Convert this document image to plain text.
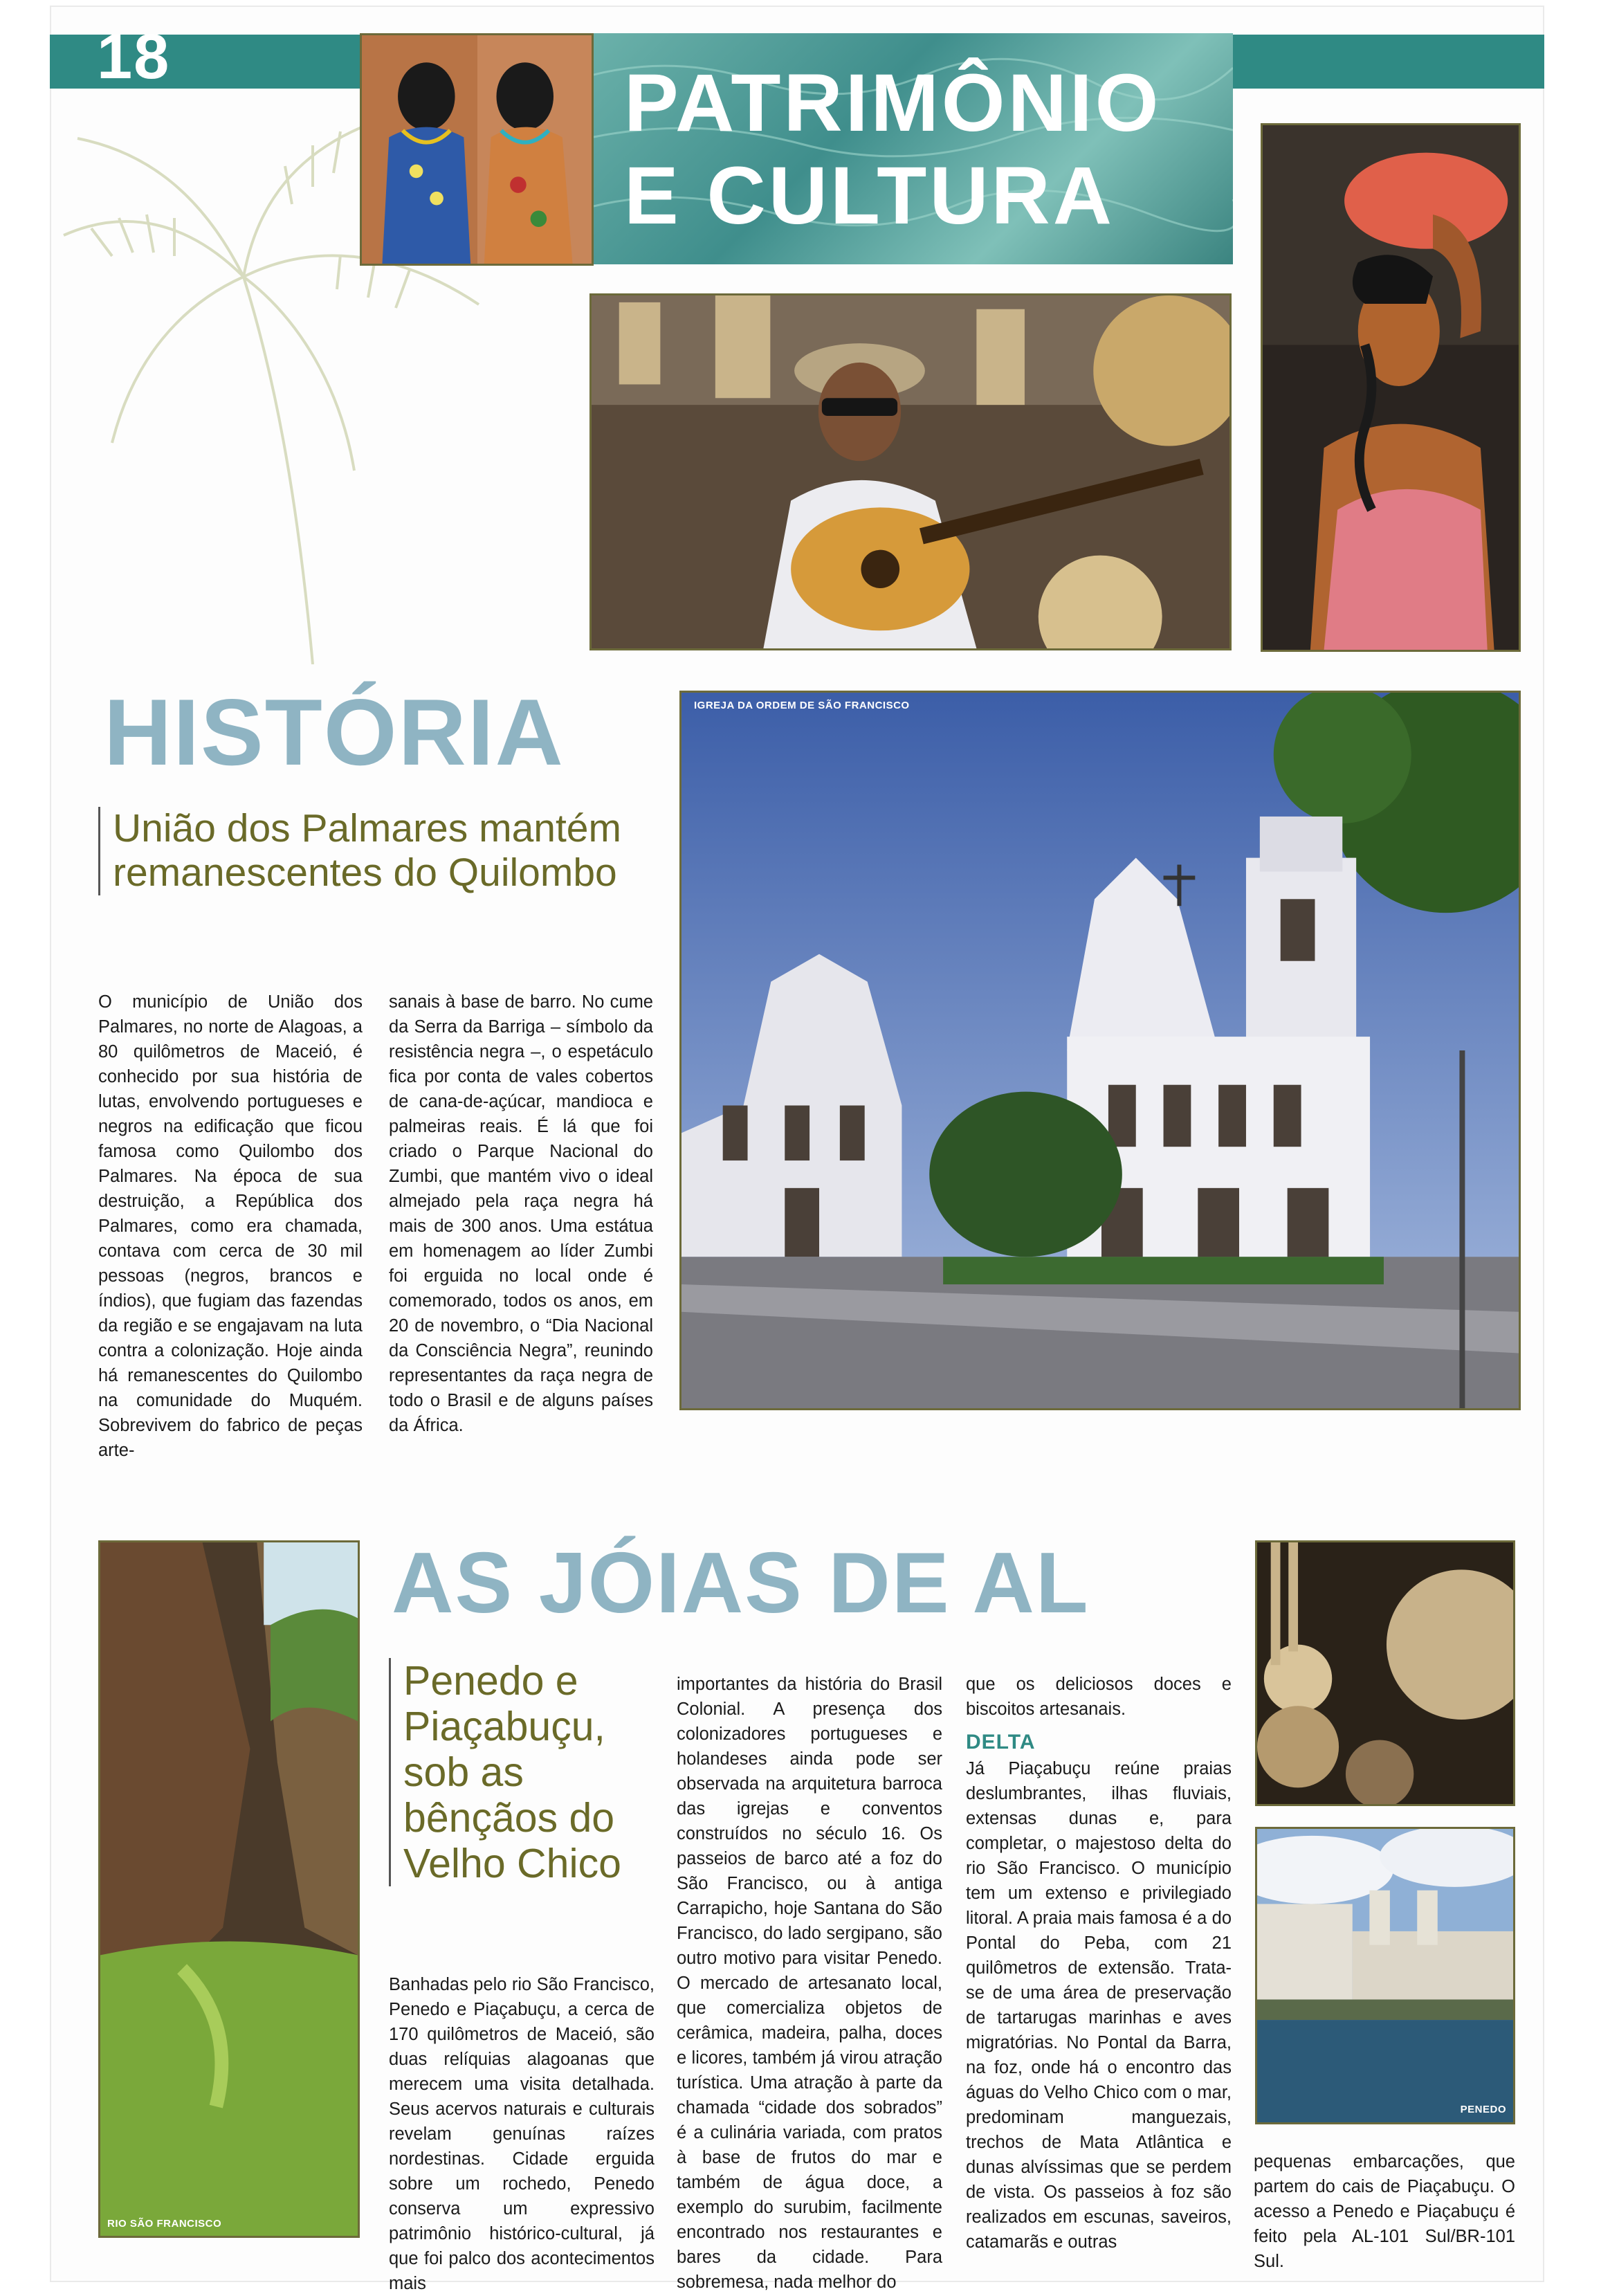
18
PATRIMÔNIO
E CULTURA
HISTÓRIA
União dos Palmares mantém remanescentes do Quilombo

O município de União dos Palmares, no norte de Alagoas, a 80 quilômetros de Maceió, é conhecido por sua história de lutas, envolvendo portugueses e negros na edificação que ficou famosa como Quilombo dos Palmares. Na época de sua destruição, a República dos Palmares, como era chamada, contava com cerca de 30 mil pessoas (negros, brancos e índios), que fugiam das fazendas da região e se engajavam na luta contra a colonização. Hoje ainda há remanescentes do Quilombo na comunidade do Muquém. Sobrevivem do fabrico de peças arte-

sanais à base de barro. No cume da Serra da Barriga – símbolo da resistência negra –, o espetáculo fica por conta de vales cobertos de cana-de-açúcar, mandioca e palmeiras reais. É lá que foi criado o Parque Nacional do Zumbi, que mantém vivo o ideal almejado pela raça negra há mais de 300 anos. Uma estátua em homenagem ao líder Zumbi foi erguida no local onde é comemorado, todos os anos, em 20 de novembro, o “Dia Nacional da Consciência Negra”, reunindo representantes da raça negra de todo o Brasil e de alguns países da África.

IGREJA DA ORDEM DE SÃO FRANCISCO
AS JÓIAS DE AL
Penedo e Piaçabuçu, sob as bênçãos do Velho Chico
RIO SÃO FRANCISCO
PENEDO

Banhadas pelo rio São Francisco, Penedo e Piaçabuçu, a cerca de 170 quilômetros de Maceió, são duas relíquias alagoanas que merecem uma visita detalhada. Seus acervos naturais e culturais revelam genuínas raízes nordestinas. Cidade erguida sobre um rochedo, Penedo conserva um expressivo patrimônio histórico-cultural, já que foi palco dos acontecimentos mais

importantes da história do Brasil Colonial. A presença dos colonizadores portugueses e holandeses ainda pode ser observada na arquitetura barroca das igrejas e conventos construídos no século 16. Os passeios de barco até a foz do São Francisco, ou à antiga Carrapicho, hoje Santana do São Francisco, do lado sergipano, são outro motivo para visitar Penedo. O mercado de artesanato local, que comercializa objetos de cerâmica, madeira, palha, doces e licores, também já virou atração turística. Uma atração à parte da chamada “cidade dos sobrados” é a culinária variada, com pratos à base de frutos do mar e também de água doce, a exemplo do surubim, facilmente encontrado nos restaurantes e bares da cidade. Para sobremesa, nada melhor do

que os deliciosos doces e biscoitos artesanais.

DELTA

Já Piaçabuçu reúne praias deslumbrantes, ilhas fluviais, extensas dunas e, para completar, o majestoso delta do rio São Francisco. O município tem um extenso e privilegiado litoral. A praia mais famosa é a do Pontal do Peba, com 21 quilômetros de extensão. Trata-se de uma área de preservação de tartarugas marinhas e aves migratórias. No Pontal da Barra, na foz, onde há o encontro das águas do Velho Chico com o mar, predominam manguezais, trechos de Mata Atlântica e dunas alvíssimas que se perdem de vista. Os passeios à foz são realizados em escunas, saveiros, catamarãs e outras

pequenas embarcações, que partem do cais de Piaçabuçu. O acesso a Penedo e Piaçabuçu é feito pela AL-101 Sul/BR-101 Sul.
